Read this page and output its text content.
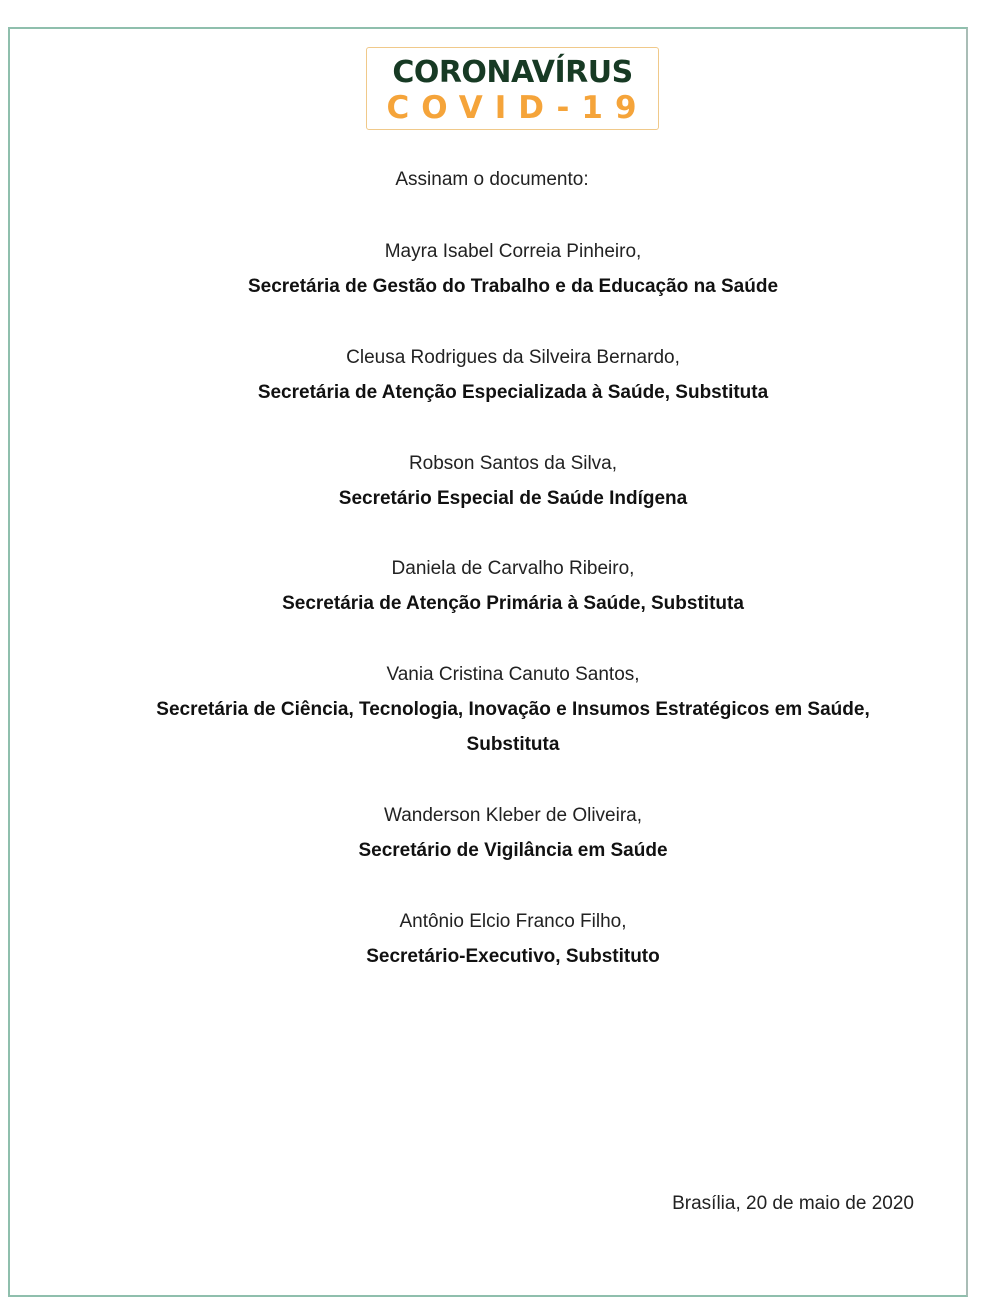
CORONAVÍRUS
COVID-19
Assinam o documento:
Mayra Isabel Correia Pinheiro,
Secretária de Gestão do Trabalho e da Educação na Saúde
Cleusa Rodrigues da Silveira Bernardo,
Secretária de Atenção Especializada à Saúde, Substituta
Robson Santos da Silva,
Secretário Especial de Saúde Indígena
Daniela de Carvalho Ribeiro,
Secretária de Atenção Primária à Saúde, Substituta
Vania Cristina Canuto Santos,
Secretária de Ciência, Tecnologia, Inovação e Insumos Estratégicos em Saúde,
Substituta
Wanderson Kleber de Oliveira,
Secretário de Vigilância em Saúde
Antônio Elcio Franco Filho,
Secretário-Executivo, Substituto
Brasília, 20 de maio de 2020
